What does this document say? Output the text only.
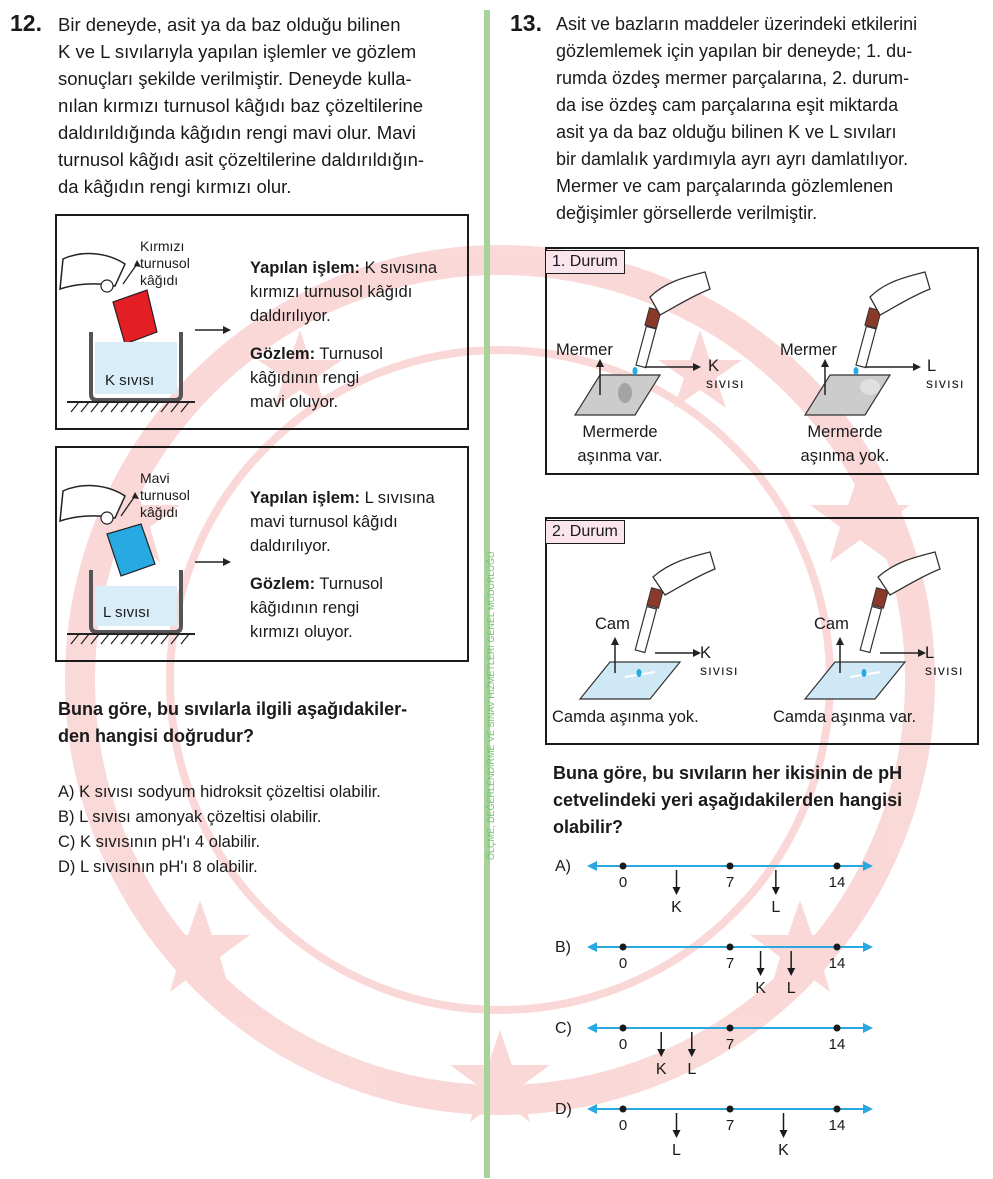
ÖLÇME, DEĞERLENDİRME VE SINAV HİZMETLERİ GENEL MÜDÜRLÜĞÜ
12. Bir deneyde, asit ya da baz olduğu bilinen
K ve L sıvılarıyla yapılan işlemler ve gözlem
sonuçları şekilde verilmiştir. Deneyde kulla-
nılan kırmızı turnusol kâğıdı baz çözeltilerine
daldırıldığında kâğıdın rengi mavi olur. Mavi
turnusol kâğıdı asit çözeltilerine daldırıldığın-
da kâğıdın rengi kırmızı olur.
Kırmızı
turnusol
kâğıdı
K sıvısı
Yapılan işlem: K sıvısına
kırmızı turnusol kâğıdı
daldırılıyor.
Gözlem: Turnusol
kâğıdının rengi
mavi oluyor.
Mavi
turnusol
kâğıdı
L sıvısı
Yapılan işlem: L sıvısına
mavi turnusol kâğıdı
daldırılıyor.
Gözlem: Turnusol
kâğıdının rengi
kırmızı oluyor.
Buna göre, bu sıvılarla ilgili aşağıdakiler-
den hangisi doğrudur?
A) K sıvısı sodyum hidroksit çözeltisi olabilir.
B) L sıvısı amonyak çözeltisi olabilir.
C) K sıvısının pH'ı 4 olabilir.
D) L sıvısının pH'ı 8 olabilir.
13. Asit ve bazların maddeler üzerindeki etkilerini
gözlemlemek için yapılan bir deneyde; 1. du-
rumda özdeş mermer parçalarına, 2. durum-
da ise özdeş cam parçalarına eşit miktarda
asit ya da baz olduğu bilinen K ve L sıvıları
bir damlalık yardımıyla ayrı ayrı damlatılıyor.
Mermer ve cam parçalarında gözlemlenen
değişimler görsellerde verilmiştir.
1. Durum
Mermer
K
sıvısı
Mermerde
aşınma var.
Mermer
L
sıvısı
Mermerde
aşınma yok.
2. Durum
Cam
K
sıvısı
Camda aşınma yok.
Cam
L
sıvısı
Camda aşınma var.
Buna göre, bu sıvıların her ikisinin de pH
cetvelindeki yeri aşağıdakilerden hangisi
olabilir?
A)
0	7	14
K	L
B)
0	7	14
K L
C)
0	7	14
K L
D)
0	7	14
L	K
